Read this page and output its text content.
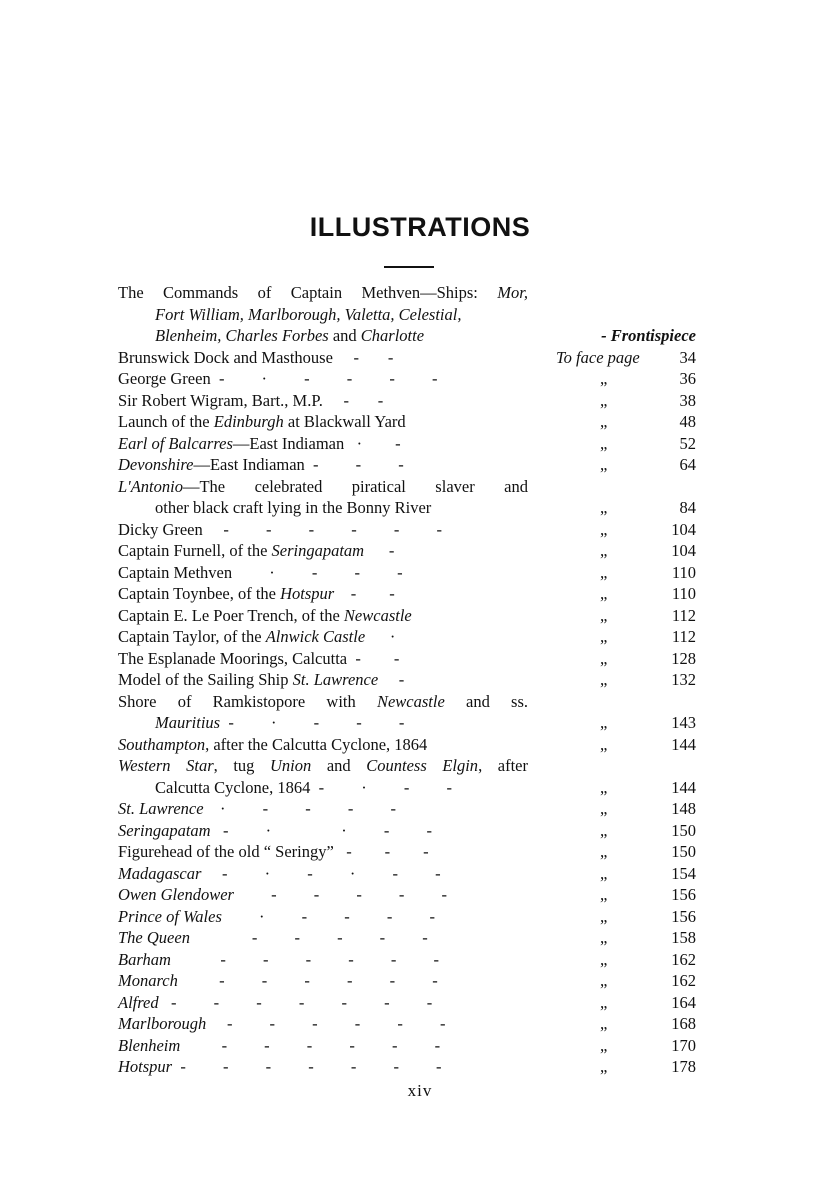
ILLUSTRATIONS
The Commands of Captain Methven—Ships: Mor,
Fort William, Marlborough, Valetta, Celestial,
Blenheim, Charles Forbes and Charlotte	- Frontispiece
Brunswick Dock and Masthouse     -       -	To face page 34
George Green  -         ·         -         -         -         -	„	36
Sir Robert Wigram, Bart., M.P.     -       -	„	38
Launch of the Edinburgh at Blackwall Yard	„	48
Earl of Balcarres—East Indiaman   ·        -	„	52
Devonshire—East Indiaman  -         -         -	„	64
L'Antonio—The celebrated piratical slaver and
other black craft lying in the Bonny River	„	84
Dicky Green     -         -         -         -         -         -	„	104
Captain Furnell, of the Seringapatam      -	„	104
Captain Methven         ·         -         -         -	„	110
Captain Toynbee, of the Hotspur    -        -	„	110
Captain E. Le Poer Trench, of the Newcastle	„	112
Captain Taylor, of the Alnwick Castle      ·	„	112
The Esplanade Moorings, Calcutta  -        -	„	128
Model of the Sailing Ship St. Lawrence     -	„	132
Shore of Ramkistopore with Newcastle and ss.
Mauritius  -         ·         -         -         -	„	143
Southampton, after the Calcutta Cyclone, 1864	„	144
Western Star, tug Union and Countess Elgin, after
Calcutta Cyclone, 1864  -         ·         -         -	„	144
St. Lawrence    ·         -         -         -         -	„	148
Seringapatam   -         ·                 ·         -         -	„	150
Figurehead of the old “ Seringy”   -        -        -	„	150
Madagascar     -         ·         -         ·         -         -	„	154
Owen Glendower         -         -         -         -         -	„	156
Prince of Wales         ·         -         -         -         -	„	156
The Queen               -         -         -         -         -	„	158
Barham            -         -         -         -         -         -	„	162
Monarch          -         -         -         -         -         -	„	162
Alfred   -         -         -         -         -         -         -	„	164
Marlborough     -         -         -         -         -         -	„	168
Blenheim          -         -         -         -         -         -	„	170
Hotspur  -         -         -         -         -         -         -	„	178
xiv
